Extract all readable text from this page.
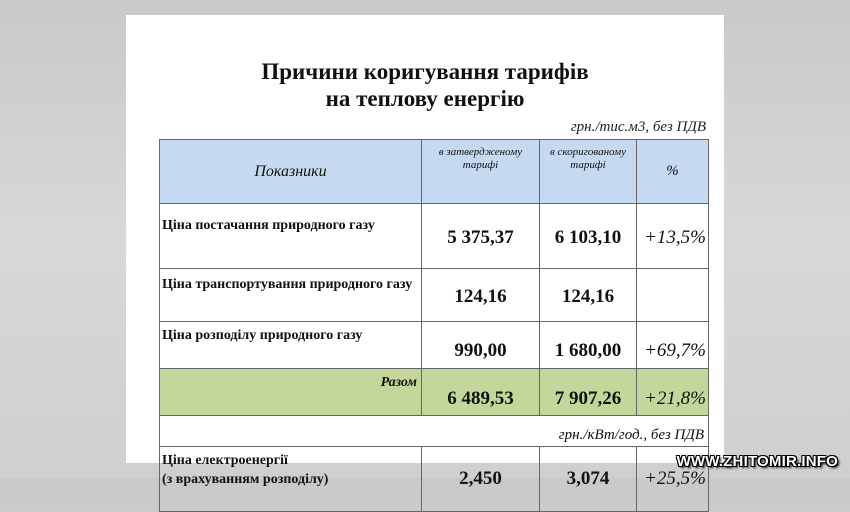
Причини коригування тарифів
на теплову енергію
грн./тис.м3, без ПДВ
Показники	в затвердженому тарифі	в скоригованому тарифі	%
Ціна постачання природного газу	5 375,37	6 103,10	+13,5%
Ціна транспортування природного газу	124,16	124,16	
Ціна розподілу природного газу	990,00	1 680,00	+69,7%
Разом	6 489,53	7 907,26	+21,8%
грн./кВт/год., без ПДВ			

Ціна електроенергії
(з врахуванням розподілу)	2,450	3,074	+25,5%
WWW.ZHITOMIR.INFO
